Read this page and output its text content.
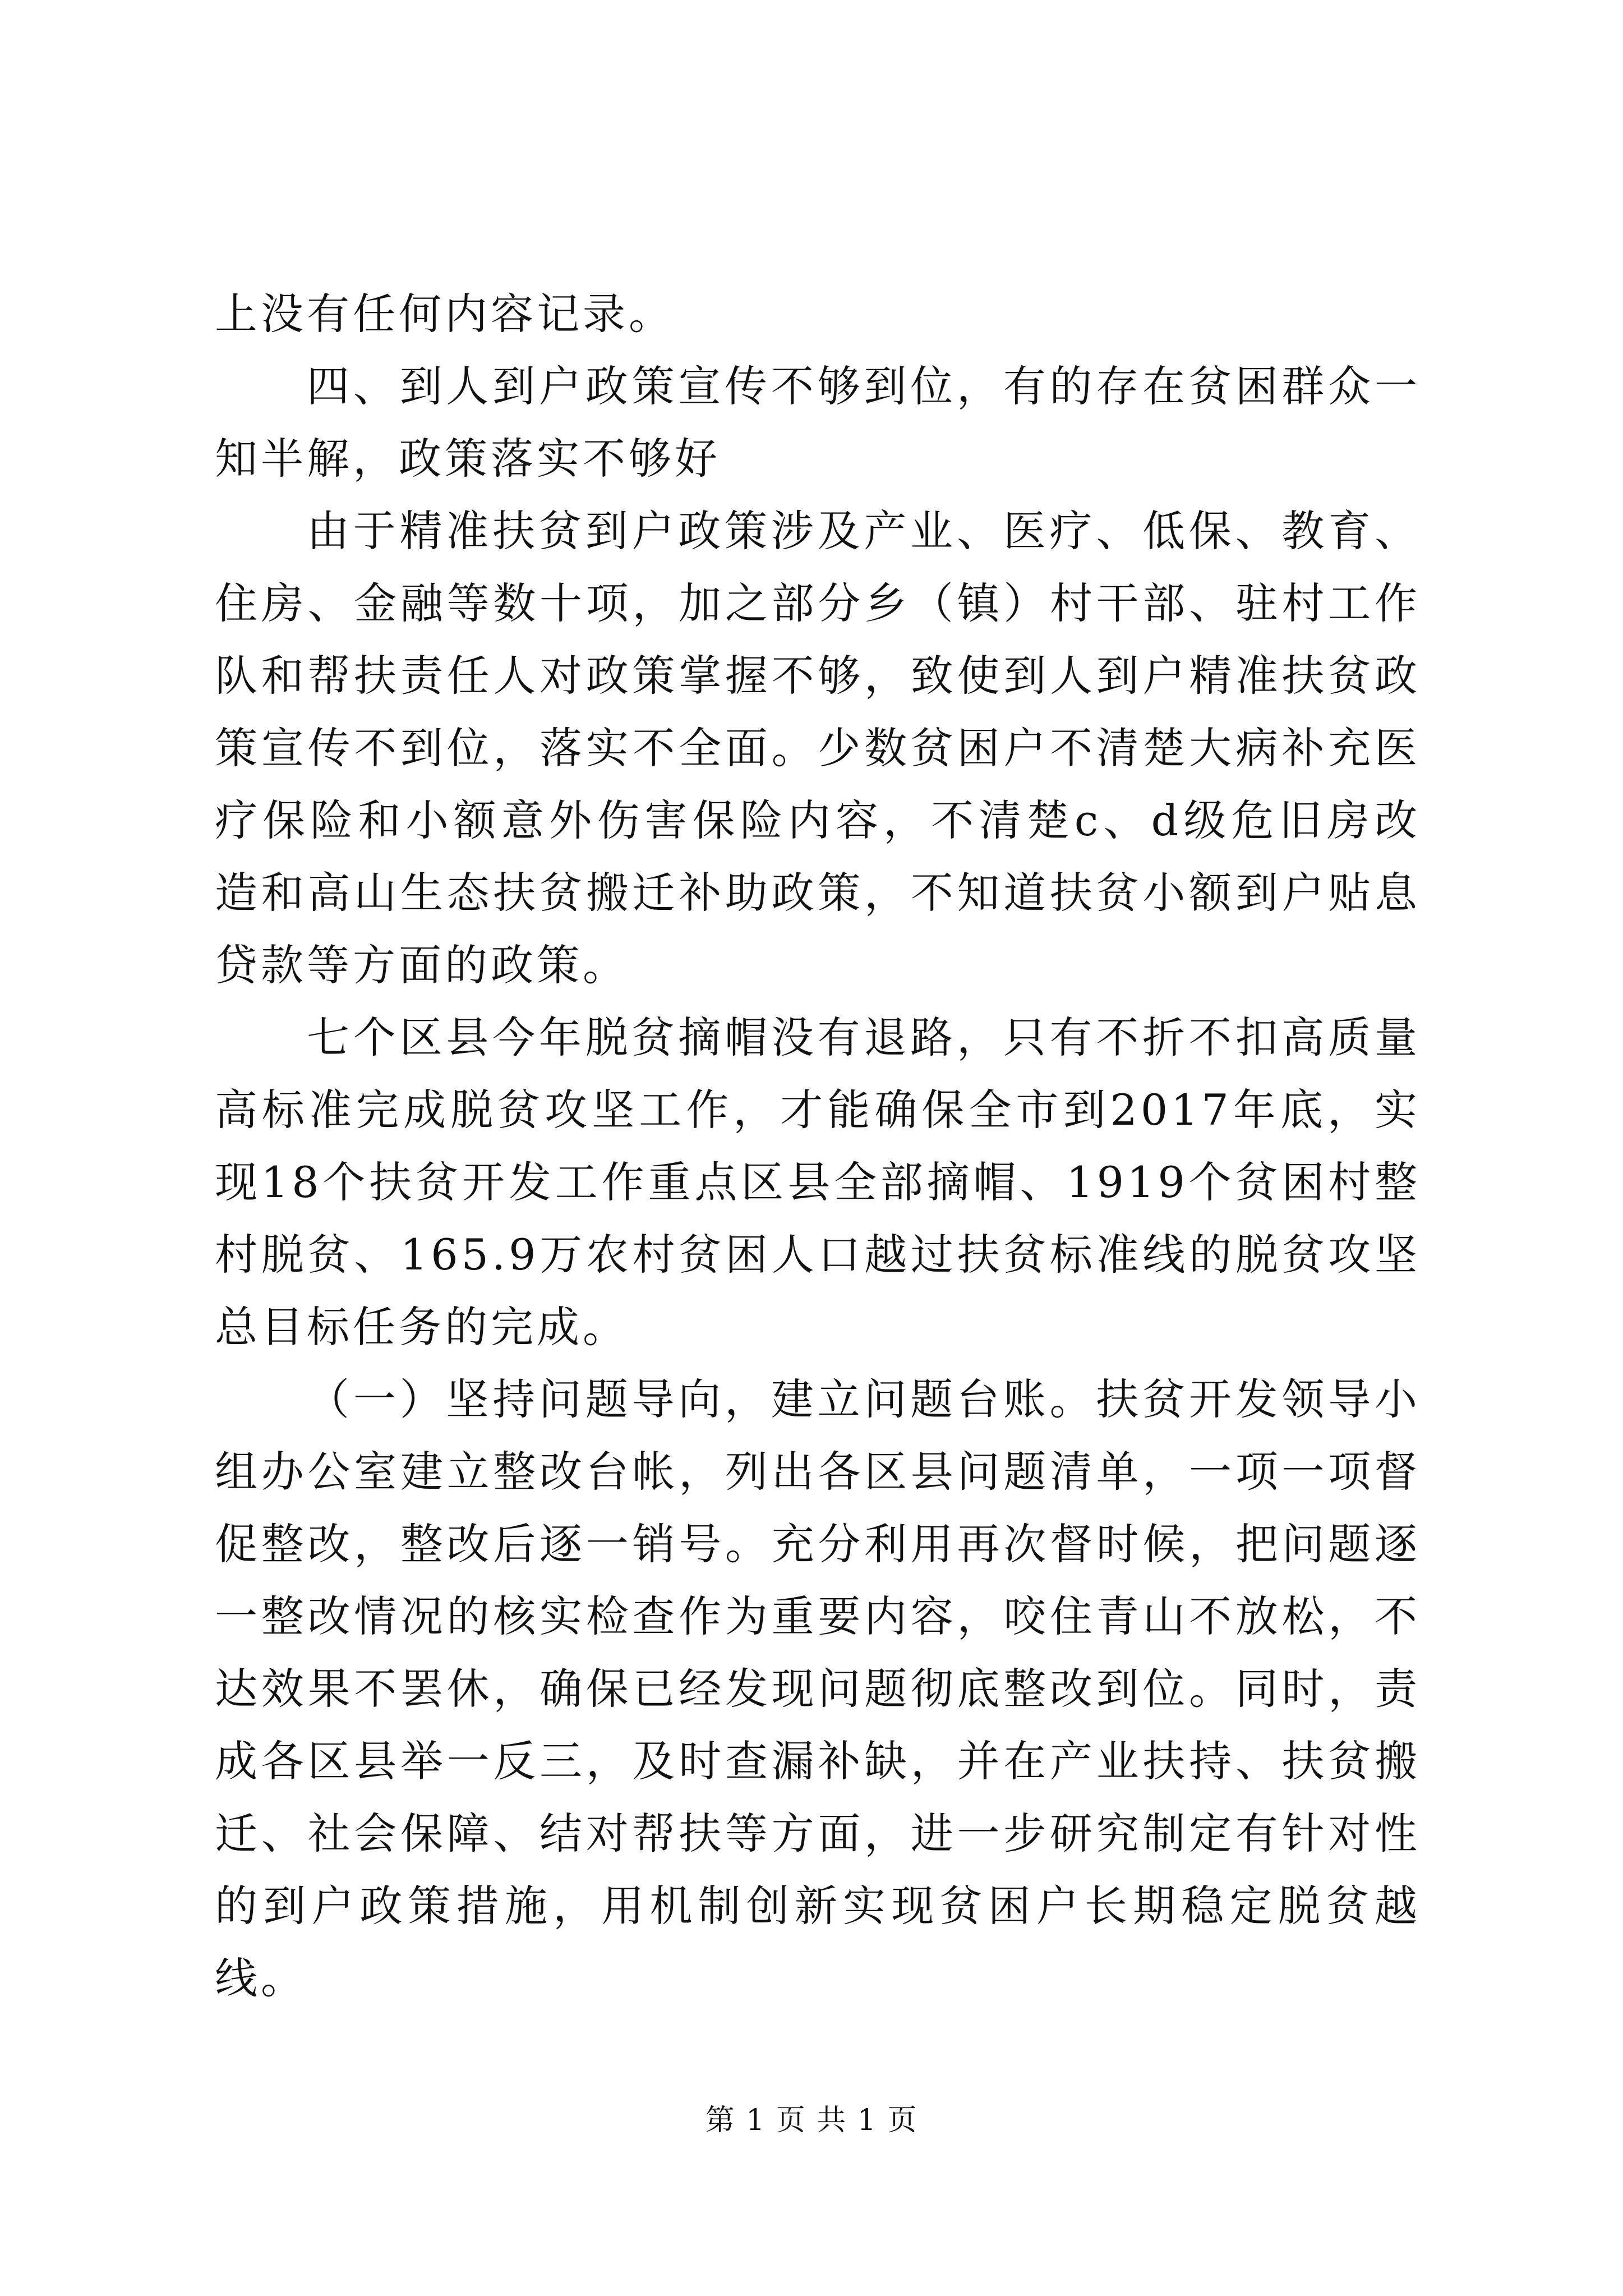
上没有任何内容记录。

四、到人到户政策宣传不够到位，有的存在贫困群众一知半解，政策落实不够好

由于精准扶贫到户政策涉及产业、医疗、低保、教育、住房、金融等数十项，加之部分乡（镇）村干部、驻村工作队和帮扶责任人对政策掌握不够，致使到人到户精准扶贫政策宣传不到位，落实不全面。少数贫困户不清楚大病补充医疗保险和小额意外伤害保险内容，不清楚c、d级危旧房改造和高山生态扶贫搬迁补助政策，不知道扶贫小额到户贴息贷款等方面的政策。

七个区县今年脱贫摘帽没有退路，只有不折不扣高质量高标准完成脱贫攻坚工作，才能确保全市到2017年底，实现18个扶贫开发工作重点区县全部摘帽、1919个贫困村整村脱贫、165.9万农村贫困人口越过扶贫标准线的脱贫攻坚总目标任务的完成。

（一）坚持问题导向，建立问题台账。扶贫开发领导小组办公室建立整改台帐，列出各区县问题清单，一项一项督促整改，整改后逐一销号。充分利用再次督时候，把问题逐一整改情况的核实检查作为重要内容，咬住青山不放松，不达效果不罢休，确保已经发现问题彻底整改到位。同时，责成各区县举一反三，及时查漏补缺，并在产业扶持、扶贫搬迁、社会保障、结对帮扶等方面，进一步研究制定有针对性的到户政策措施，用机制创新实现贫困户长期稳定脱贫越线。

第 1 页 共 1 页
